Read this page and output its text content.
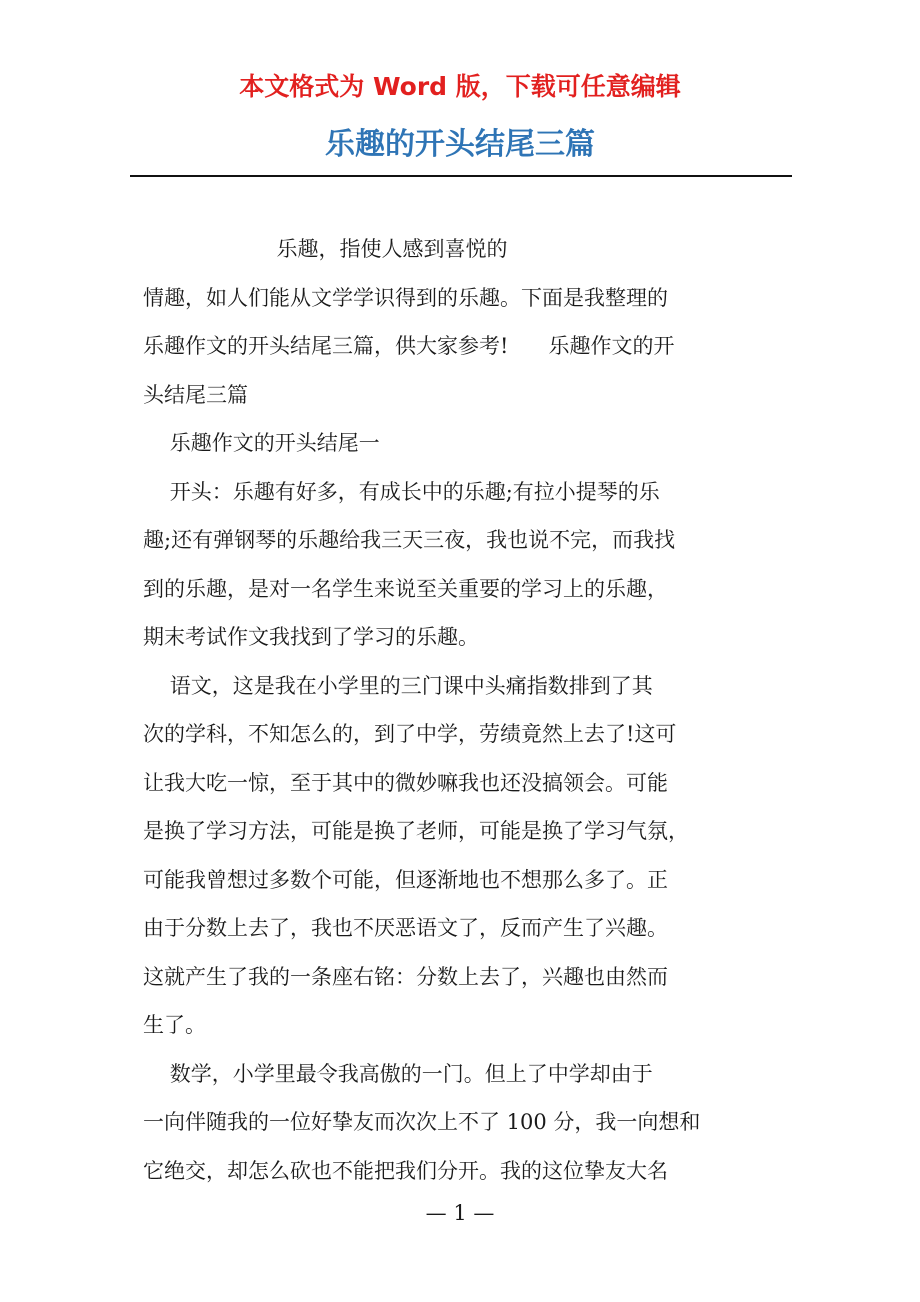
本文格式为 Word 版，下载可任意编辑
乐趣的开头结尾三篇
乐趣，指使人感到喜悦的
情趣，如人们能从文学学识得到的乐趣。下面是我整理的
乐趣作文的开头结尾三篇，供大家参考!      乐趣作文的开
头结尾三篇
乐趣作文的开头结尾一
开头：乐趣有好多，有成长中的乐趣;有拉小提琴的乐
趣;还有弹钢琴的乐趣给我三天三夜，我也说不完，而我找
到的乐趣，是对一名学生来说至关重要的学习上的乐趣，
期末考试作文我找到了学习的乐趣。
语文，这是我在小学里的三门课中头痛指数排到了其
次的学科，不知怎么的，到了中学，劳绩竟然上去了!这可
让我大吃一惊，至于其中的微妙嘛我也还没搞领会。可能
是换了学习方法，可能是换了老师，可能是换了学习气氛，
可能我曾想过多数个可能，但逐渐地也不想那么多了。正
由于分数上去了，我也不厌恶语文了，反而产生了兴趣。
这就产生了我的一条座右铭：分数上去了，兴趣也由然而
生了。
数学，小学里最令我高傲的一门。但上了中学却由于
一向伴随我的一位好挚友而次次上不了 100 分，我一向想和
它绝交，却怎么砍也不能把我们分开。我的这位挚友大名
— 1 —
